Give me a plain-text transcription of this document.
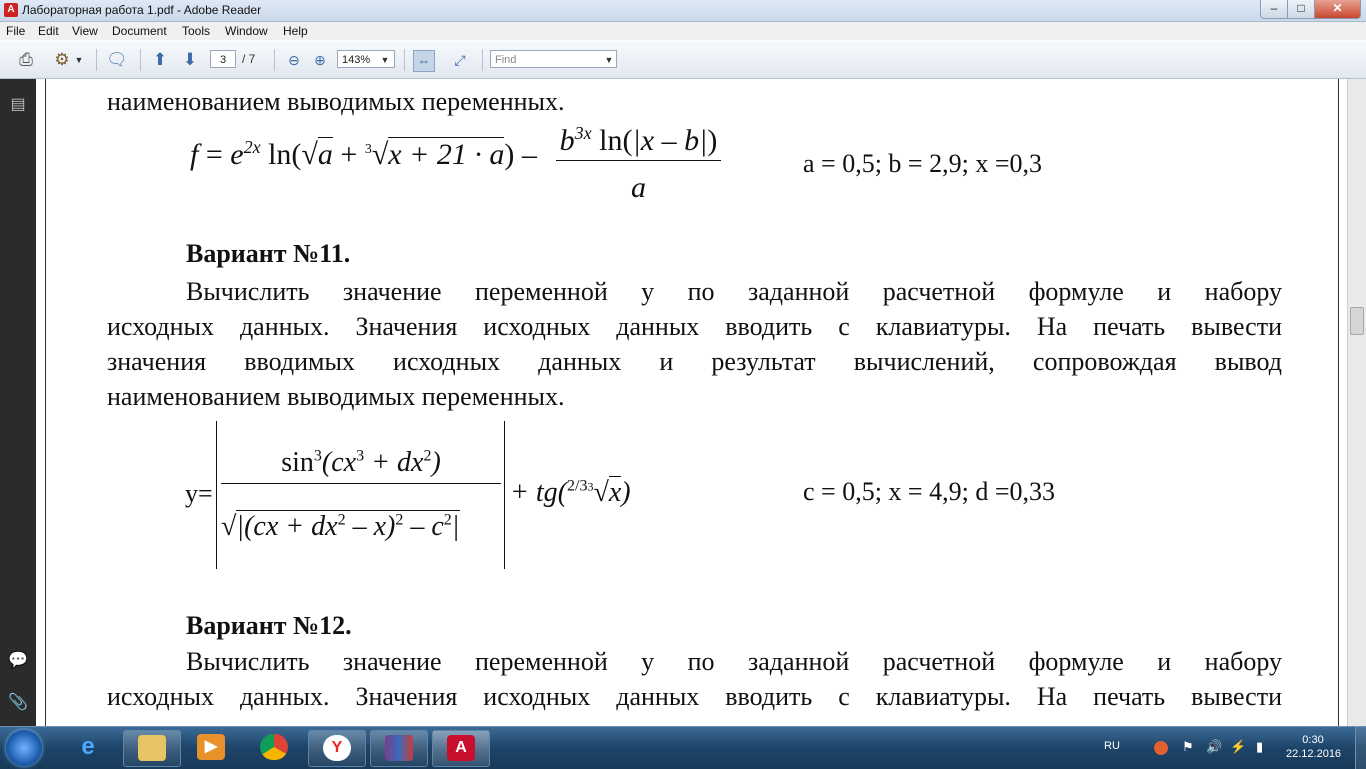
A Лабораторная работа 1.pdf - Adobe Reader	–	□	✕
File Edit View Document Tools Window Help
⎙ ⚙ ▼ 🗨 ⬆ ⬇	3	/ 7 ⊖ ⊕	143%	▼	⇔	⤢	Find	▼
▤
💬
📎
наименованием выводимых переменных.
$f = e^{2x}$ $\ln(√a + ^3√x + 21 \cdot a) - b^{3x}$ ln(|x – b|)
a
a = 0,5; b = 2,9; x =0,3
Вариант №11.
Вычислить значение переменной y по заданной расчетной формуле и набору
исходных данных. Значения исходных данных вводить с клавиатуры. На печать вывести
значения вводимых исходных данных и результат вычислений, сопровождая вывод
наименованием выводимых переменных.
y=
$\sin^3(cx^3 + dx^2)$
$√|(cx + dx^2 - x)^2 - c^2|$
+ tg($^{2/33}$√x)	c = 0,5; x = 4,9; d =0,33
Вариант №12.
Вычислить значение переменной y по заданной расчетной формуле и набору
исходных данных. Значения исходных данных вводить с клавиатуры. На печать вывести
e	▶	Y	A	RU	⚑ 🔊 ⚡ ▮	0:30
22.12.2016
